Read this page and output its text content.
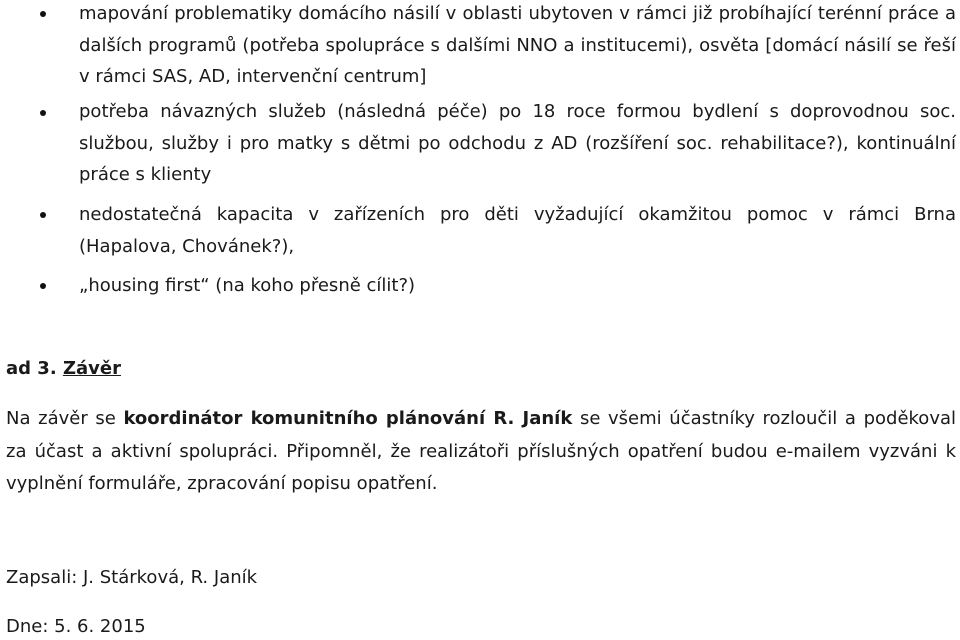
mapování problematiky domácího násilí v oblasti ubytoven v rámci již probíhající terénní práce a dalších programů (potřeba spolupráce s dalšími NNO a institucemi), osvěta [domácí násilí se řeší v rámci SAS, AD, intervenční centrum]
potřeba návazných služeb (následná péče) po 18 roce formou bydlení s doprovodnou soc. službou, služby i pro matky s dětmi po odchodu z AD (rozšíření soc. rehabilitace?), kontinuální práce s klienty
nedostatečná kapacita v zařízeních pro děti vyžadující okamžitou pomoc v rámci Brna (Hapalova, Chovánek?),
„housing first“ (na koho přesně cílit?)
ad 3. Závěr
Na závěr se koordinátor komunitního plánování R. Janík se všemi účastníky rozloučil a poděkoval za účast a aktivní spolupráci. Připomněl, že realizátoři příslušných opatření budou e-mailem vyzváni k vyplnění formuláře, zpracování popisu opatření.
Zapsali: J. Stárková, R. Janík
Dne: 5. 6. 2015
